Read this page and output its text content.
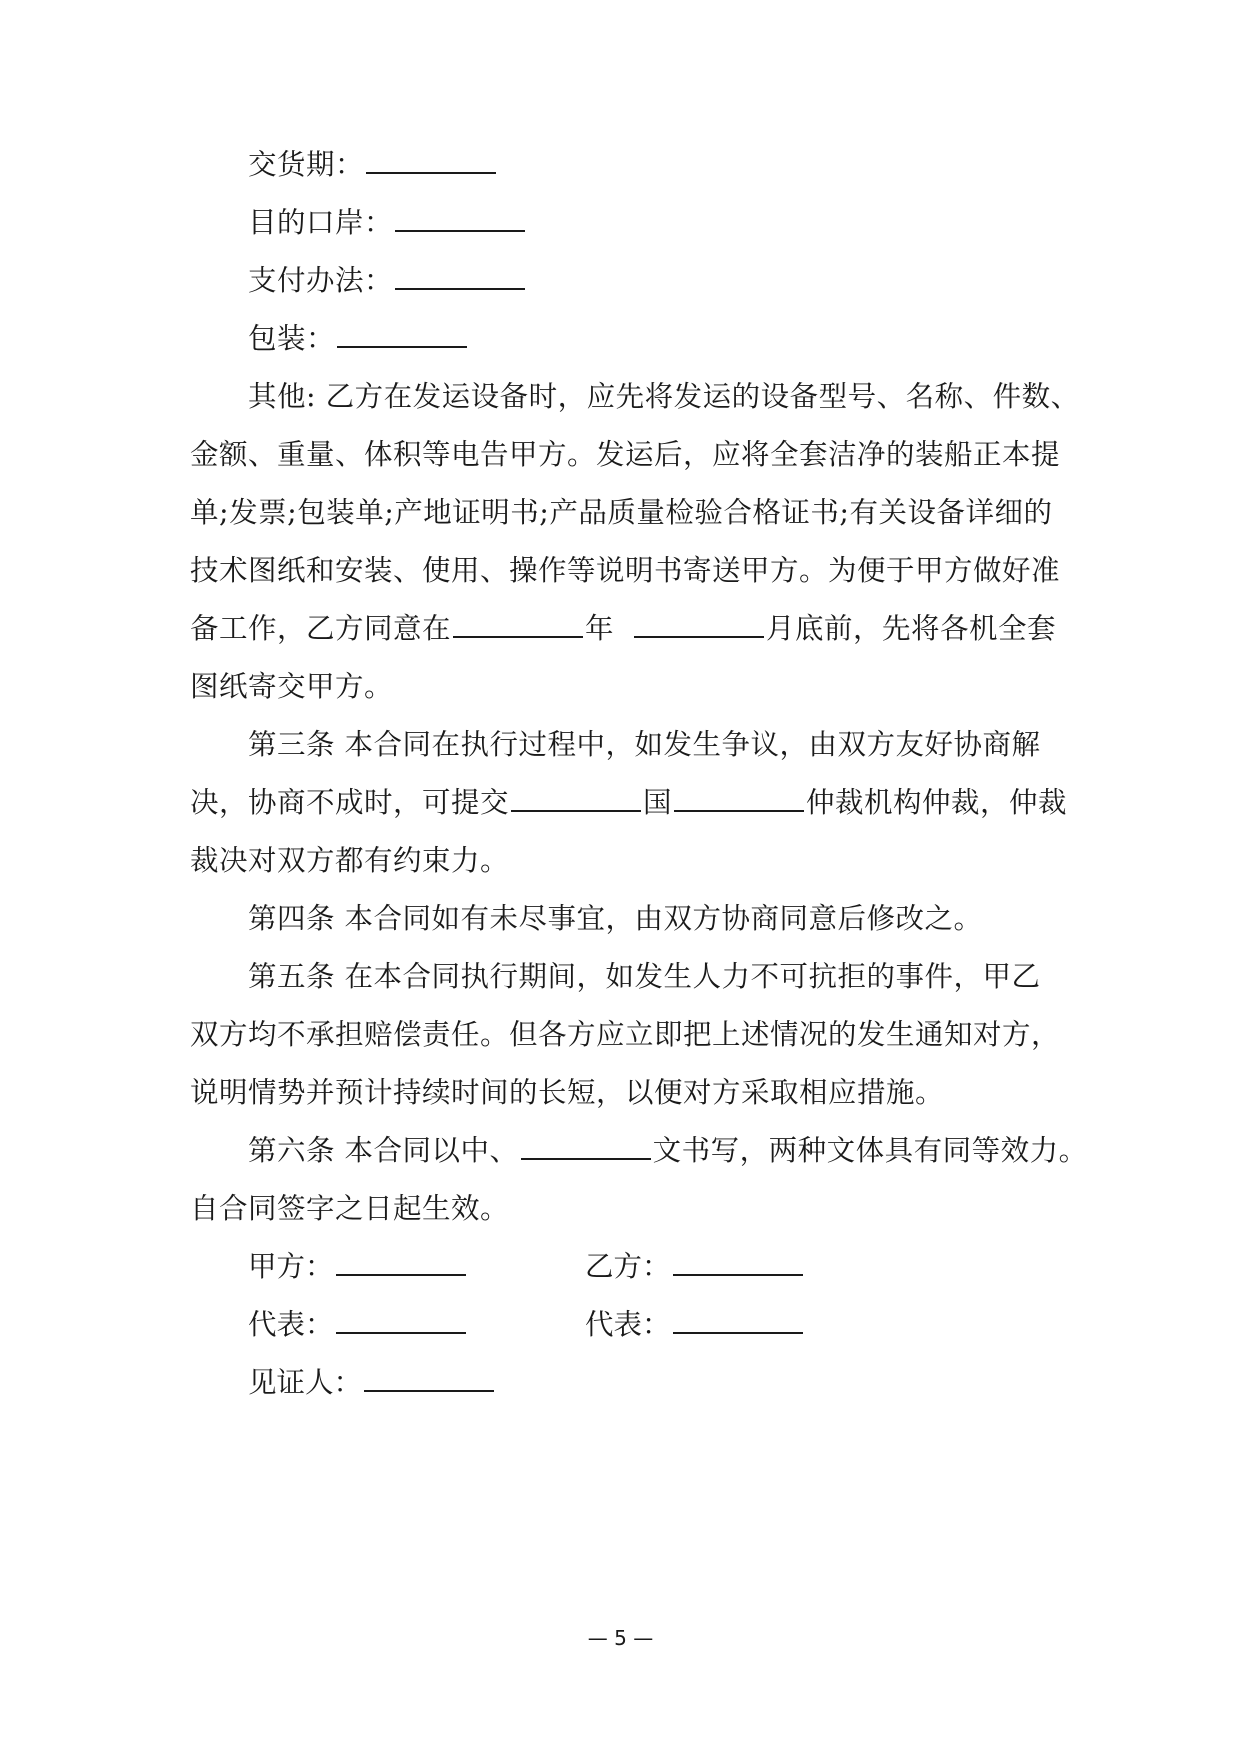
交货期：
目的口岸：
支付办法：
包装：
其他: 乙方在发运设备时，应先将发运的设备型号、名称、件数、
金额、重量、体积等电告甲方。发运后，应将全套洁净的装船正本提
单;发票;包装单;产地证明书;产品质量检验合格证书;有关设备详细的
技术图纸和安装、使用、操作等说明书寄送甲方。为便于甲方做好准
备工作，乙方同意在	年	月底前，先将各机全套
图纸寄交甲方。
第三条 本合同在执行过程中，如发生争议，由双方友好协商解
决，协商不成时，可提交	国	仲裁机构仲裁，仲裁
裁决对双方都有约束力。
第四条 本合同如有未尽事宜，由双方协商同意后修改之。
第五条 在本合同执行期间，如发生人力不可抗拒的事件，甲乙
双方均不承担赔偿责任。但各方应立即把上述情况的发生通知对方，
说明情势并预计持续时间的长短，以便对方采取相应措施。
第六条 本合同以中、	文书写，两种文体具有同等效力。
自合同签字之日起生效。
甲方：	乙方：
代表：	代表：
见证人：
— 5 —
